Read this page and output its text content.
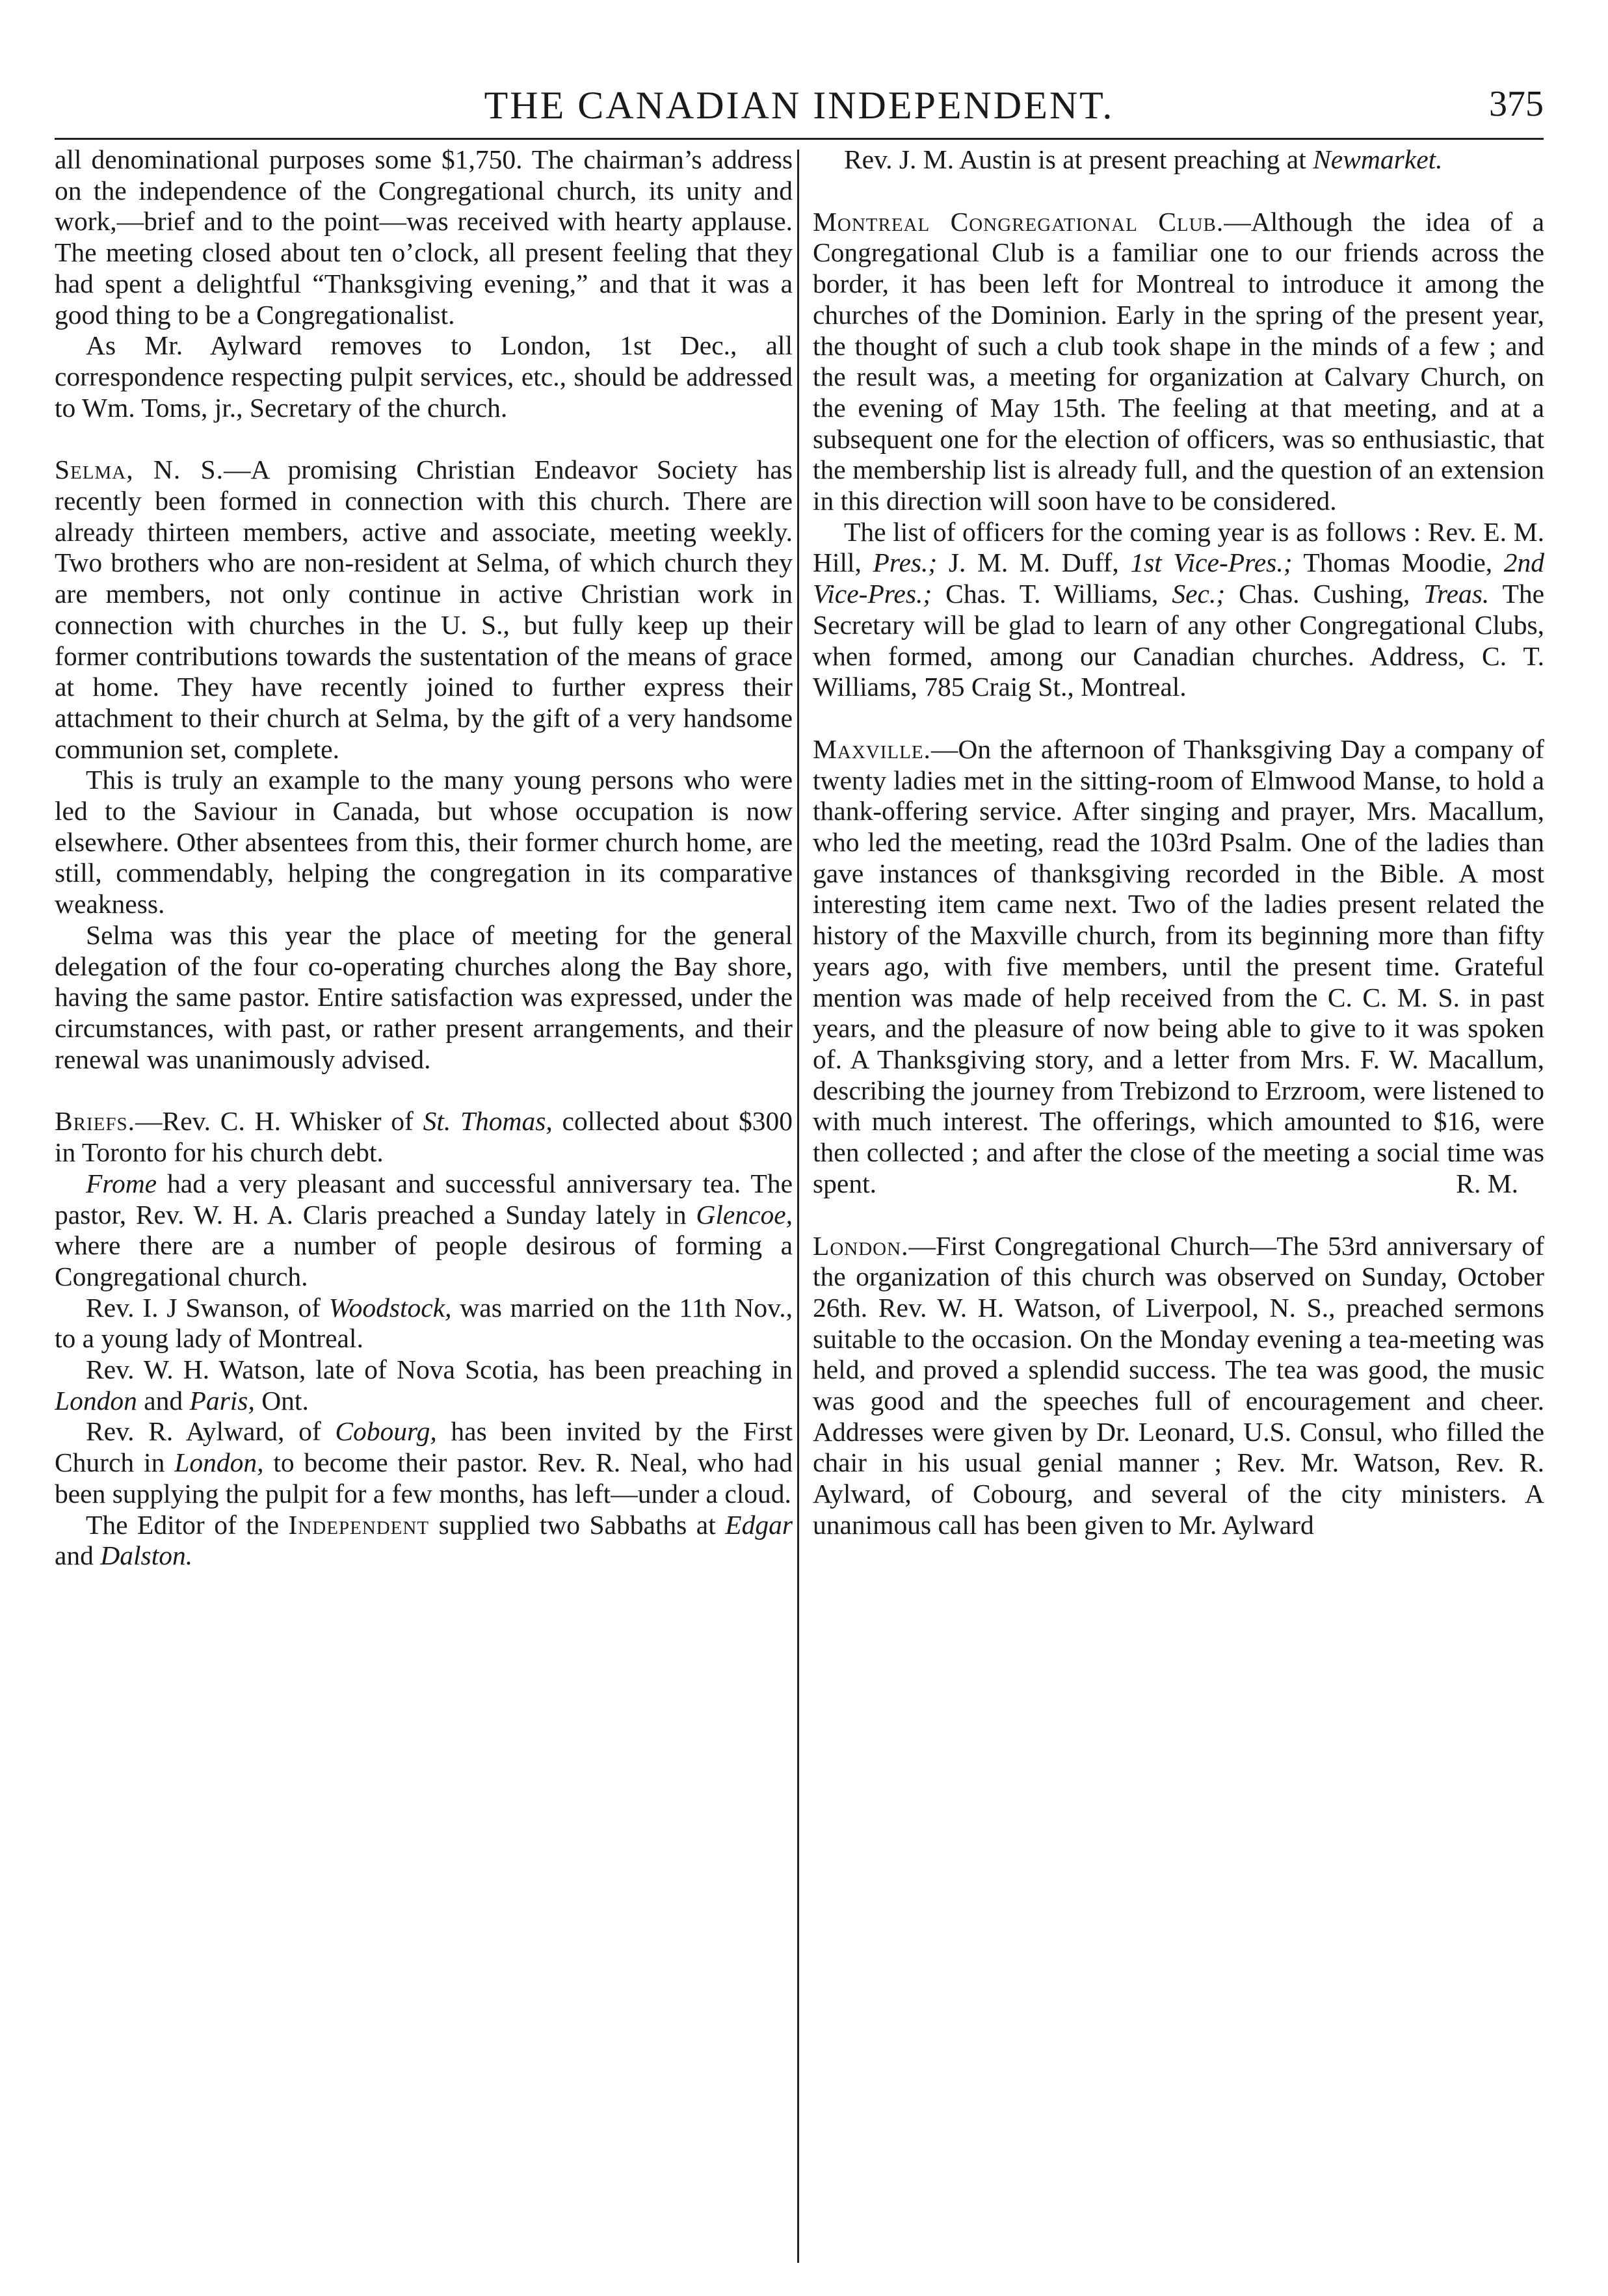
THE CANADIAN INDEPENDENT.	375

all denominational purposes some $1,750. The chairman’s address on the independence of the Congregational church, its unity and work,—brief and to the point—was received with hearty applause. The meeting closed about ten o’clock, all present feeling that they had spent a delightful “Thanksgiving evening,” and that it was a good thing to be a Congregationalist.

As Mr. Aylward removes to London, 1st Dec., all correspondence respecting pulpit services, etc., should be addressed to Wm. Toms, jr., Secretary of the church.

Selma, N. S.—A promising Christian Endeavor Society has recently been formed in connection with this church. There are already thirteen members, active and associate, meeting weekly. Two brothers who are non-resident at Selma, of which church they are members, not only continue in active Christian work in connection with churches in the U. S., but fully keep up their former contributions towards the sustentation of the means of grace at home. They have recently joined to further express their attachment to their church at Selma, by the gift of a very handsome communion set, complete.

This is truly an example to the many young persons who were led to the Saviour in Canada, but whose occupation is now elsewhere. Other absentees from this, their former church home, are still, commendably, helping the congregation in its comparative weakness.

Selma was this year the place of meeting for the general delegation of the four co-operating churches along the Bay shore, having the same pastor. Entire satisfaction was expressed, under the circumstances, with past, or rather present arrangements, and their renewal was unanimously advised.

Briefs.—Rev. C. H. Whisker of St. Thomas, collected about $300 in Toronto for his church debt.

Frome had a very pleasant and successful anniversary tea. The pastor, Rev. W. H. A. Claris preached a Sunday lately in Glencoe, where there are a number of people desirous of forming a Congregational church.

Rev. I. J Swanson, of Woodstock, was married on the 11th Nov., to a young lady of Montreal.

Rev. W. H. Watson, late of Nova Scotia, has been preaching in London and Paris, Ont.

Rev. R. Aylward, of Cobourg, has been invited by the First Church in London, to become their pastor. Rev. R. Neal, who had been supplying the pulpit for a few months, has left—under a cloud.

The Editor of the Independent supplied two Sabbaths at Edgar and Dalston.

Rev. J. M. Austin is at present preaching at Newmarket.

Montreal Congregational Club.—Although the idea of a Congregational Club is a familiar one to our friends across the border, it has been left for Montreal to introduce it among the churches of the Dominion. Early in the spring of the present year, the thought of such a club took shape in the minds of a few ; and the result was, a meeting for organization at Calvary Church, on the evening of May 15th. The feeling at that meeting, and at a subsequent one for the election of officers, was so enthusiastic, that the membership list is already full, and the question of an extension in this direction will soon have to be considered.

The list of officers for the coming year is as follows : Rev. E. M. Hill, Pres.; J. M. M. Duff, 1st Vice-Pres.; Thomas Moodie, 2nd Vice-Pres.; Chas. T. Williams, Sec.; Chas. Cushing, Treas. The Secretary will be glad to learn of any other Congregational Clubs, when formed, among our Canadian churches. Address, C. T. Williams, 785 Craig St., Montreal.

Maxville.—On the afternoon of Thanksgiving Day a company of twenty ladies met in the sitting-room of Elmwood Manse, to hold a thank-offering service. After singing and prayer, Mrs. Macallum, who led the meeting, read the 103rd Psalm. One of the ladies than gave instances of thanksgiving recorded in the Bible. A most interesting item came next. Two of the ladies present related the history of the Maxville church, from its beginning more than fifty years ago, with five members, until the present time. Grateful mention was made of help received from the C. C. M. S. in past years, and the pleasure of now being able to give to it was spoken of. A Thanksgiving story, and a letter from Mrs. F. W. Macallum, describing the journey from Trebizond to Erzroom, were listened to with much interest. The offerings, which amounted to $16, were then collected ; and after the close of the meeting a social time was spent.	R. M.

London.—First Congregational Church—The 53rd anniversary of the organization of this church was observed on Sunday, October 26th. Rev. W. H. Watson, of Liverpool, N. S., preached sermons suitable to the occasion. On the Monday evening a tea-meeting was held, and proved a splendid success. The tea was good, the music was good and the speeches full of encouragement and cheer. Addresses were given by Dr. Leonard, U.S. Consul, who filled the chair in his usual genial manner ; Rev. Mr. Watson, Rev. R. Aylward, of Cobourg, and several of the city ministers. A unanimous call has been given to Mr. Aylward
